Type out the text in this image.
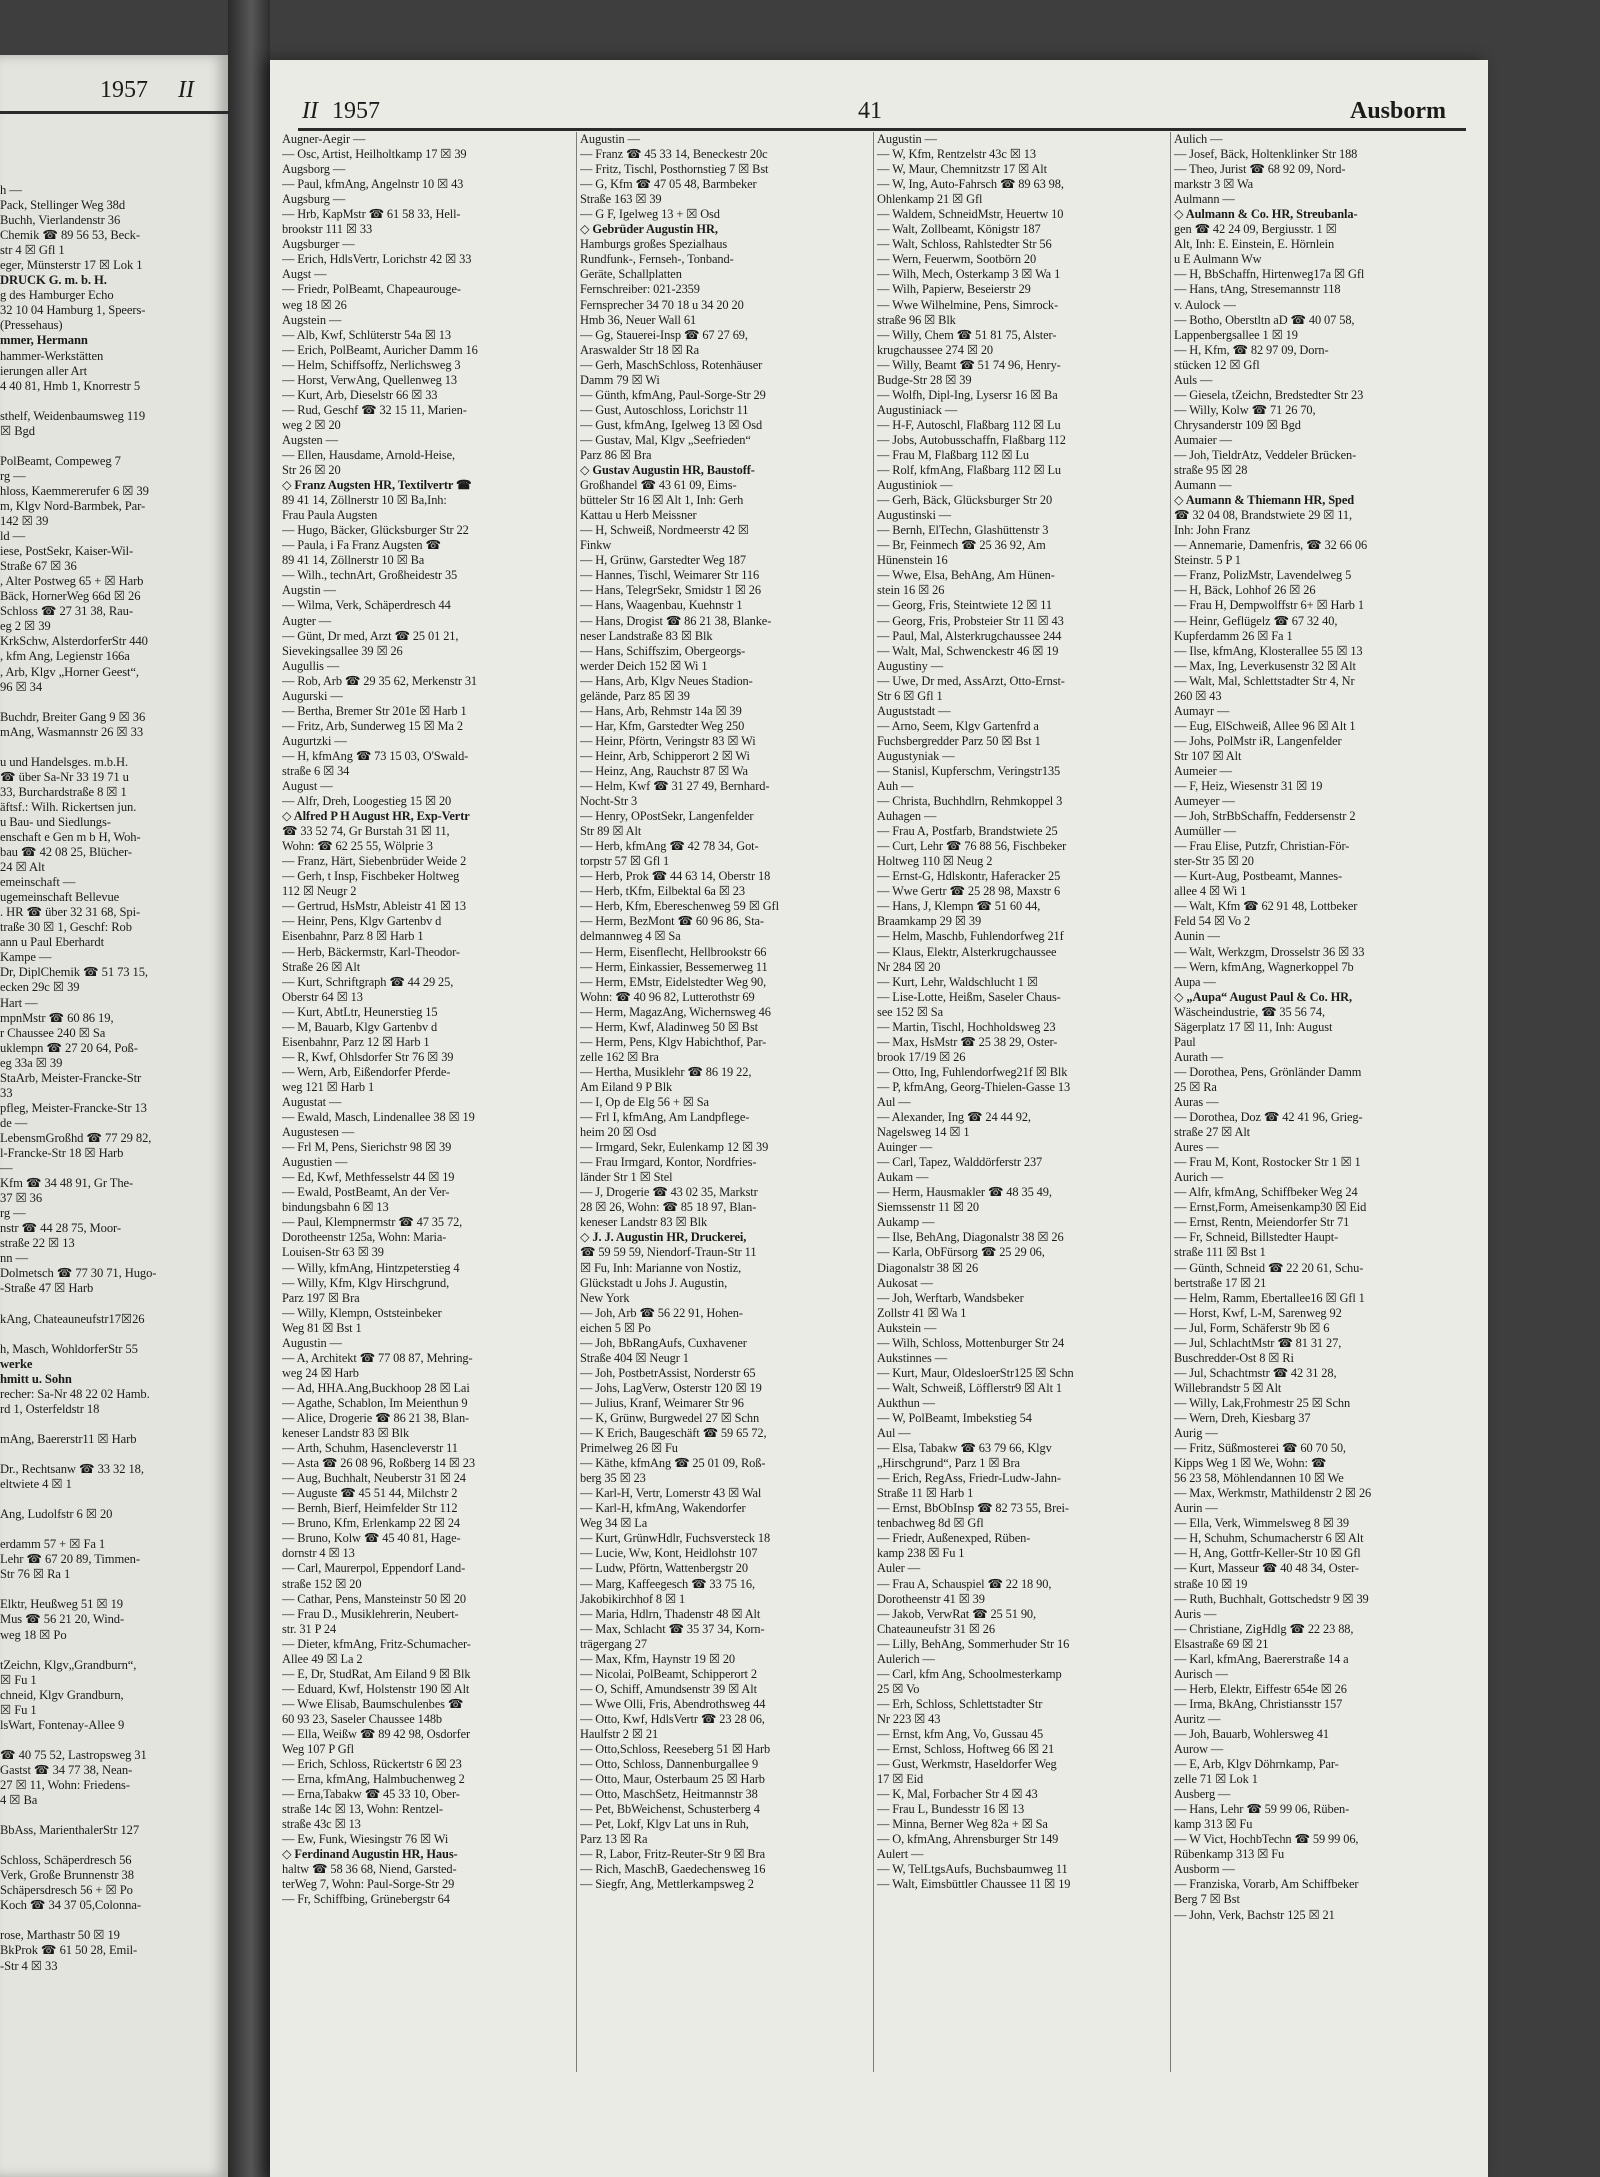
1957 II
h —
Pack, Stellinger Weg 38d
Buchh, Vierlandenstr 36
Chemik ☎ 89 56 53, Beck-
str 4 ☒ Gfl 1
eger, Münsterstr 17 ☒ Lok 1
DRUCK G. m. b. H.
g des Hamburger Echo
32 10 04 Hamburg 1, Speers-
(Pressehaus)
mmer, Hermann
hammer-Werkstätten
ierungen aller Art
4 40 81, Hmb 1, Knorrestr 5

sthelf, Weidenbaumsweg 119
☒ Bgd

PolBeamt, Compeweg 7
rg —
hloss, Kaemmererufer 6 ☒ 39
m, Klgv Nord-Barmbek, Par-
142 ☒ 39
ld —
iese, PostSekr, Kaiser-Wil-
Straße 67 ☒ 36
, Alter Postweg 65 + ☒ Harb
Bäck, HornerWeg 66d ☒ 26
Schloss ☎ 27 31 38, Rau-
eg 2 ☒ 39
KrkSchw, AlsterdorferStr 440
, kfm Ang, Legienstr 166a
, Arb, Klgv „Horner Geest“,
96 ☒ 34

Buchdr, Breiter Gang 9 ☒ 36
mAng, Wasmannstr 26 ☒ 33

u und Handelsges. m.b.H.
☎ über Sa-Nr 33 19 71 u
33, Burchardstraße 8 ☒ 1
äftsf.: Wilh. Rickertsen jun.
u Bau- und Siedlungs-
enschaft e Gen m b H, Woh-
bau ☎ 42 08 25, Blücher-
24 ☒ Alt
emeinschaft —
ugemeinschaft Bellevue
. HR ☎ über 32 31 68, Spi-
traße 30 ☒ 1, Geschf: Rob
ann u Paul Eberhardt
Kampe —
Dr, DiplChemik ☎ 51 73 15,
ecken 29c ☒ 39
Hart —
mpnMstr ☎ 60 86 19,
r Chaussee 240 ☒ Sa
uklempn ☎ 27 20 64, Poß-
eg 33a ☒ 39
StaArb, Meister-Francke-Str
33
pfleg, Meister-Francke-Str 13
de —
LebensmGroßhd ☎ 77 29 82,
l-Francke-Str 18 ☒ Harb
—
Kfm ☎ 34 48 91, Gr The-
37 ☒ 36
rg —
nstr ☎ 44 28 75, Moor-
straße 22 ☒ 13
nn —
Dolmetsch ☎ 77 30 71, Hugo-
-Straße 47 ☒ Harb

kAng, Chateauneufstr17☒26

h, Masch, WohldorferStr 55
werke
hmitt u. Sohn
recher: Sa-Nr 48 22 02 Hamb.
rd 1, Osterfeldstr 18

mAng, Baererstr11 ☒ Harb

Dr., Rechtsanw ☎ 33 32 18,
eltwiete 4 ☒ 1

Ang, Ludolfstr 6 ☒ 20

erdamm 57 + ☒ Fa 1
Lehr ☎ 67 20 89, Timmen-
Str 76 ☒ Ra 1

Elktr, Heußweg 51 ☒ 19
Mus ☎ 56 21 20, Wind-
weg 18 ☒ Po

tZeichn, Klgv„Grandburn“,
☒ Fu 1
chneid, Klgv Grandburn,
☒ Fu 1
lsWart, Fontenay-Allee 9

☎ 40 75 52, Lastropsweg 31
Gastst ☎ 34 77 38, Nean-
27 ☒ 11, Wohn: Friedens-
4 ☒ Ba

BbAss, MarienthalerStr 127

Schloss, Schäperdresch 56
Verk, Große Brunnenstr 38
Schäpersdresch 56 + ☒ Po
Koch ☎ 34 37 05,Colonna-

rose, Marthastr 50 ☒ 19
BkProk ☎ 61 50 28, Emil-
-Str 4 ☒ 33
II 1957	41	Ausborm
Augner-Aegir —
— Osc, Artist, Heilholtkamp 17 ☒ 39
Augsborg —
— Paul, kfmAng, Angelnstr 10 ☒ 43
Augsburg —
— Hrb, KapMstr ☎ 61 58 33, Hell-
brookstr 111 ☒ 33
Augsburger —
— Erich, HdlsVertr, Lorichstr 42 ☒ 33
Augst —
— Friedr, PolBeamt, Chapeaurouge-
weg 18 ☒ 26
Augstein —
— Alb, Kwf, Schlüterstr 54a ☒ 13
— Erich, PolBeamt, Auricher Damm 16
— Helm, Schiffsoffz, Nerlichsweg 3
— Horst, VerwAng, Quellenweg 13
— Kurt, Arb, Dieselstr 66 ☒ 33
— Rud, Geschf ☎ 32 15 11, Marien-
weg 2 ☒ 20
Augsten —
— Ellen, Hausdame, Arnold-Heise,
Str 26 ☒ 20
◇ Franz Augsten HR, Textilvertr ☎
89 41 14, Zöllnerstr 10 ☒ Ba,Inh:
Frau Paula Augsten
— Hugo, Bäcker, Glücksburger Str 22
— Paula, i Fa Franz Augsten ☎
89 41 14, Zöllnerstr 10 ☒ Ba
— Wilh., technArt, Großheidestr 35
Augstin —
— Wilma, Verk, Schäperdresch 44
Augter —
— Günt, Dr med, Arzt ☎ 25 01 21,
Sievekingsallee 39 ☒ 26
Augullis —
— Rob, Arb ☎ 29 35 62, Merkenstr 31
Augurski —
— Bertha, Bremer Str 201e ☒ Harb 1
— Fritz, Arb, Sunderweg 15 ☒ Ma 2
Augurtzki —
— H, kfmAng ☎ 73 15 03, O'Swald-
straße 6 ☒ 34
August —
— Alfr, Dreh, Loogestieg 15 ☒ 20
◇ Alfred P H August HR, Exp-Vertr
☎ 33 52 74, Gr Burstah 31 ☒ 11,
Wohn: ☎ 62 25 55, Wölprie 3
— Franz, Härt, Siebenbrüder Weide 2
— Gerh, t Insp, Fischbeker Holtweg
112 ☒ Neugr 2
— Gertrud, HsMstr, Ableistr 41 ☒ 13
— Heinr, Pens, Klgv Gartenbv d
Eisenbahnr, Parz 8 ☒ Harb 1
— Herb, Bäckermstr, Karl-Theodor-
Straße 26 ☒ Alt
— Kurt, Schriftgraph ☎ 44 29 25,
Oberstr 64 ☒ 13
— Kurt, AbtLtr, Heunerstieg 15
— M, Bauarb, Klgv Gartenbv d
Eisenbahnr, Parz 12 ☒ Harb 1
— R, Kwf, Ohlsdorfer Str 76 ☒ 39
— Wern, Arb, Eißendorfer Pferde-
weg 121 ☒ Harb 1
Augustat —
— Ewald, Masch, Lindenallee 38 ☒ 19
Augustesen —
— Frl M, Pens, Sierichstr 98 ☒ 39
Augustien —
— Ed, Kwf, Methfesselstr 44 ☒ 19
— Ewald, PostBeamt, An der Ver-
bindungsbahn 6 ☒ 13
— Paul, Klempnermstr ☎ 47 35 72,
Dorotheenstr 125a, Wohn: Maria-
Louisen-Str 63 ☒ 39
— Willy, kfmAng, Hintzpeterstieg 4
— Willy, Kfm, Klgv Hirschgrund,
Parz 197 ☒ Bra
— Willy, Klempn, Oststeinbeker
Weg 81 ☒ Bst 1
Augustin —
— A, Architekt ☎ 77 08 87, Mehring-
weg 24 ☒ Harb
— Ad, HHA.Ang,Buckhoop 28 ☒ Lai
— Agathe, Schablon, Im Meienthun 9
— Alice, Drogerie ☎ 86 21 38, Blan-
keneser Landstr 83 ☒ Blk
— Arth, Schuhm, Hasencleverstr 11
— Asta ☎ 26 08 96, Roßberg 14 ☒ 23
— Aug, Buchhalt, Neuberstr 31 ☒ 24
— Auguste ☎ 45 51 44, Milchstr 2
— Bernh, Bierf, Heimfelder Str 112
— Bruno, Kfm, Erlenkamp 22 ☒ 24
— Bruno, Kolw ☎ 45 40 81, Hage-
dornstr 4 ☒ 13
— Carl, Maurerpol, Eppendorf Land-
straße 152 ☒ 20
— Cathar, Pens, Mansteinstr 50 ☒ 20
— Frau D., Musiklehrerin, Neubert-
str. 31 P 24
— Dieter, kfmAng, Fritz-Schumacher-
Allee 49 ☒ La 2
— E, Dr, StudRat, Am Eiland 9 ☒ Blk
— Eduard, Kwf, Holstenstr 190 ☒ Alt
— Wwe Elisab, Baumschulenbes ☎
60 93 23, Saseler Chaussee 148b
— Ella, Weißw ☎ 89 42 98, Osdorfer
Weg 107 P Gfl
— Erich, Schloss, Rückertstr 6 ☒ 23
— Erna, kfmAng, Halmbuchenweg 2
— Erna,Tabakw ☎ 45 33 10, Ober-
straße 14c ☒ 13, Wohn: Rentzel-
straße 43c ☒ 13
— Ew, Funk, Wiesingstr 76 ☒ Wi
◇ Ferdinand Augustin HR, Haus-
haltw ☎ 58 36 68, Niend, Garsted-
terWeg 7, Wohn: Paul-Sorge-Str 29
— Fr, Schiffbing, Grünebergstr 64
Augustin —
— Franz ☎ 45 33 14, Beneckestr 20c
— Fritz, Tischl, Posthornstieg 7 ☒ Bst
— G, Kfm ☎ 47 05 48, Barmbeker
Straße 163 ☒ 39
— G F, Igelweg 13 + ☒ Osd
◇ Gebrüder Augustin HR,
Hamburgs großes Spezialhaus
Rundfunk-, Fernseh-, Tonband-
Geräte, Schallplatten
Fernschreiber: 021-2359
Fernsprecher 34 70 18 u 34 20 20
Hmb 36, Neuer Wall 61
— Gg, Stauerei-Insp ☎ 67 27 69,
Araswalder Str 18 ☒ Ra
— Gerh, MaschSchloss, Rotenhäuser
Damm 79 ☒ Wi
— Günth, kfmAng, Paul-Sorge-Str 29
— Gust, Autoschloss, Lorichstr 11
— Gust, kfmAng, Igelweg 13 ☒ Osd
— Gustav, Mal, Klgv „Seefrieden“
Parz 86 ☒ Bra
◇ Gustav Augustin HR, Baustoff-
Großhandel ☎ 43 61 09, Eims-
bütteler Str 16 ☒ Alt 1, Inh: Gerh
Kattau u Herb Meissner
— H, Schweiß, Nordmeerstr 42 ☒
Finkw
— H, Grünw, Garstedter Weg 187
— Hannes, Tischl, Weimarer Str 116
— Hans, TelegrSekr, Smidstr 1 ☒ 26
— Hans, Waagenbau, Kuehnstr 1
— Hans, Drogist ☎ 86 21 38, Blanke-
neser Landstraße 83 ☒ Blk
— Hans, Schiffszim, Obergeorgs-
werder Deich 152 ☒ Wi 1
— Hans, Arb, Klgv Neues Stadion-
gelände, Parz 85 ☒ 39
— Hans, Arb, Rehmstr 14a ☒ 39
— Har, Kfm, Garstedter Weg 250
— Heinr, Pförtn, Veringstr 83 ☒ Wi
— Heinr, Arb, Schipperort 2 ☒ Wi
— Heinz, Ang, Rauchstr 87 ☒ Wa
— Helm, Kwf ☎ 31 27 49, Bernhard-
Nocht-Str 3
— Henry, OPostSekr, Langenfelder
Str 89 ☒ Alt
— Herb, kfmAng ☎ 42 78 34, Got-
torpstr 57 ☒ Gfl 1
— Herb, Prok ☎ 44 63 14, Oberstr 18
— Herb, tKfm, Eilbektal 6a ☒ 23
— Herb, Kfm, Ebereschenweg 59 ☒ Gfl
— Herm, BezMont ☎ 60 96 86, Sta-
delmannweg 4 ☒ Sa
— Herm, Eisenflecht, Hellbrookstr 66
— Herm, Einkassier, Bessemerweg 11
— Herm, EMstr, Eidelstedter Weg 90,
Wohn: ☎ 40 96 82, Lutterothstr 69
— Herm, MagazAng, Wichernsweg 46
— Herm, Kwf, Aladinweg 50 ☒ Bst
— Herm, Pens, Klgv Habichthof, Par-
zelle 162 ☒ Bra
— Hertha, Musiklehr ☎ 86 19 22,
Am Eiland 9 P Blk
— I, Op de Elg 56 + ☒ Sa
— Frl I, kfmAng, Am Landpflege-
heim 20 ☒ Osd
— Irmgard, Sekr, Eulenkamp 12 ☒ 39
— Frau Irmgard, Kontor, Nordfries-
länder Str 1 ☒ Stel
— J, Drogerie ☎ 43 02 35, Markstr
28 ☒ 26, Wohn: ☎ 85 18 97, Blan-
keneser Landstr 83 ☒ Blk
◇ J. J. Augustin HR, Druckerei,
☎ 59 59 59, Niendorf-Traun-Str 11
☒ Fu, Inh: Marianne von Nostiz,
Glückstadt u Johs J. Augustin,
New York
— Joh, Arb ☎ 56 22 91, Hohen-
eichen 5 ☒ Po
— Joh, BbRangAufs, Cuxhavener
Straße 404 ☒ Neugr 1
— Joh, PostbetrAssist, Norderstr 65
— Johs, LagVerw, Osterstr 120 ☒ 19
— Julius, Kranf, Weimarer Str 96
— K, Grünw, Burgwedel 27 ☒ Schn
— K Erich, Baugeschäft ☎ 59 65 72,
Primelweg 26 ☒ Fu
— Käthe, kfmAng ☎ 25 01 09, Roß-
berg 35 ☒ 23
— Karl-H, Vertr, Lomerstr 43 ☒ Wal
— Karl-H, kfmAng, Wakendorfer
Weg 34 ☒ La
— Kurt, GrünwHdlr, Fuchsversteck 18
— Lucie, Ww, Kont, Heidlohstr 107
— Ludw, Pförtn, Wattenbergstr 20
— Marg, Kaffeegesch ☎ 33 75 16,
Jakobikirchhof 8 ☒ 1
— Maria, Hdlrn, Thadenstr 48 ☒ Alt
— Max, Schlacht ☎ 35 37 34, Korn-
trägergang 27
— Max, Kfm, Haynstr 19 ☒ 20
— Nicolai, PolBeamt, Schipperort 2
— O, Schiff, Amundsenstr 39 ☒ Alt
— Wwe Olli, Fris, Abendrothsweg 44
— Otto, Kwf, HdlsVertr ☎ 23 28 06,
Haulfstr 2 ☒ 21
— Otto,Schloss, Reeseberg 51 ☒ Harb
— Otto, Schloss, Dannenburgallee 9
— Otto, Maur, Osterbaum 25 ☒ Harb
— Otto, MaschSetz, Heitmannstr 38
— Pet, BbWeichenst, Schusterberg 4
— Pet, Lokf, Klgv Lat uns in Ruh,
Parz 13 ☒ Ra
— R, Labor, Fritz-Reuter-Str 9 ☒ Bra
— Rich, MaschB, Gaedechensweg 16
— Siegfr, Ang, Mettlerkampsweg 2
Augustin —
— W, Kfm, Rentzelstr 43c ☒ 13
— W, Maur, Chemnitzstr 17 ☒ Alt
— W, Ing, Auto-Fahrsch ☎ 89 63 98,
Ohlenkamp 21 ☒ Gfl
— Waldem, SchneidMstr, Heuertw 10
— Walt, Zollbeamt, Königstr 187
— Walt, Schloss, Rahlstedter Str 56
— Wern, Feuerwm, Sootbörn 20
— Wilh, Mech, Osterkamp 3 ☒ Wa 1
— Wilh, Papierw, Beseierstr 29
— Wwe Wilhelmine, Pens, Simrock-
straße 96 ☒ Blk
— Willy, Chem ☎ 51 81 75, Alster-
krugchaussee 274 ☒ 20
— Willy, Beamt ☎ 51 74 96, Henry-
Budge-Str 28 ☒ 39
— Wolfh, Dipl-Ing, Lysersr 16 ☒ Ba
Augustiniack —
— H-F, Autoschl, Flaßbarg 112 ☒ Lu
— Jobs, Autobusschaffn, Flaßbarg 112
— Frau M, Flaßbarg 112 ☒ Lu
— Rolf, kfmAng, Flaßbarg 112 ☒ Lu
Augustiniok —
— Gerh, Bäck, Glücksburger Str 20
Augustinski —
— Bernh, ElTechn, Glashüttenstr 3
— Br, Feinmech ☎ 25 36 92, Am
Hünenstein 16
— Wwe, Elsa, BehAng, Am Hünen-
stein 16 ☒ 26
— Georg, Fris, Steintwiete 12 ☒ 11
— Georg, Fris, Probsteier Str 11 ☒ 43
— Paul, Mal, Alsterkrugchaussee 244
— Walt, Mal, Schwenckestr 46 ☒ 19
Augustiny —
— Uwe, Dr med, AssArzt, Otto-Ernst-
Str 6 ☒ Gfl 1
Auguststadt —
— Arno, Seem, Klgv Gartenfrd a
Fuchsbergredder Parz 50 ☒ Bst 1
Augustyniak —
— Stanisl, Kupferschm, Veringstr135
Auh —
— Christa, Buchhdlrn, Rehmkoppel 3
Auhagen —
— Frau A, Postfarb, Brandstwiete 25
— Curt, Lehr ☎ 76 88 56, Fischbeker
Holtweg 110 ☒ Neug 2
— Ernst-G, Hdlskontr, Haferacker 25
— Wwe Gertr ☎ 25 28 98, Maxstr 6
— Hans, J, Klempn ☎ 51 60 44,
Braamkamp 29 ☒ 39
— Helm, Maschb, Fuhlendorfweg 21f
— Klaus, Elektr, Alsterkrugchaussee
Nr 284 ☒ 20
— Kurt, Lehr, Waldschlucht 1 ☒
— Lise-Lotte, Heißm, Saseler Chaus-
see 152 ☒ Sa
— Martin, Tischl, Hochholdsweg 23
— Max, HsMstr ☎ 25 38 29, Oster-
brook 17/19 ☒ 26
— Otto, Ing, Fuhlendorfweg21f ☒ Blk
— P, kfmAng, Georg-Thielen-Gasse 13
Aul —
— Alexander, Ing ☎ 24 44 92,
Nagelsweg 14 ☒ 1
Auinger —
— Carl, Tapez, Walddörferstr 237
Aukam —
— Herm, Hausmakler ☎ 48 35 49,
Siemssenstr 11 ☒ 20
Aukamp —
— Ilse, BehAng, Diagonalstr 38 ☒ 26
— Karla, ObFürsorg ☎ 25 29 06,
Diagonalstr 38 ☒ 26
Aukosat —
— Joh, Werftarb, Wandsbeker
Zollstr 41 ☒ Wa 1
Aukstein —
— Wilh, Schloss, Mottenburger Str 24
Aukstinnes —
— Kurt, Maur, OldesloerStr125 ☒ Schn
— Walt, Schweiß, Löfflerstr9 ☒ Alt 1
Aukthun —
— W, PolBeamt, Imbekstieg 54
Aul —
— Elsa, Tabakw ☎ 63 79 66, Klgv
„Hirschgrund“, Parz 1 ☒ Bra
— Erich, RegAss, Friedr-Ludw-Jahn-
Straße 11 ☒ Harb 1
— Ernst, BbObInsp ☎ 82 73 55, Brei-
tenbachweg 8d ☒ Gfl
— Friedr, Außenexped, Rüben-
kamp 238 ☒ Fu 1
Auler —
— Frau A, Schauspiel ☎ 22 18 90,
Dorotheenstr 41 ☒ 39
— Jakob, VerwRat ☎ 25 51 90,
Chateauneufstr 31 ☒ 26
— Lilly, BehAng, Sommerhuder Str 16
Aulerich —
— Carl, kfm Ang, Schoolmesterkamp
25 ☒ Vo
— Erh, Schloss, Schlettstadter Str
Nr 223 ☒ 43
— Ernst, kfm Ang, Vo, Gussau 45
— Ernst, Schloss, Hoftweg 66 ☒ 21
— Gust, Werkmstr, Haseldorfer Weg
17 ☒ Eid
— K, Mal, Forbacher Str 4 ☒ 43
— Frau L, Bundesstr 16 ☒ 13
— Minna, Berner Weg 82a + ☒ Sa
— O, kfmAng, Ahrensburger Str 149
Aulert —
— W, TelLtgsAufs, Buchsbaumweg 11
— Walt, Eimsbüttler Chaussee 11 ☒ 19
Aulich —
— Josef, Bäck, Holtenklinker Str 188
— Theo, Jurist ☎ 68 92 09, Nord-
markstr 3 ☒ Wa
Aulmann —
◇ Aulmann & Co. HR, Streubanla-
gen ☎ 42 24 09, Bergiusstr. 1 ☒
Alt, Inh: E. Einstein, E. Hörnlein
u E Aulmann Ww
— H, BbSchaffn, Hirtenweg17a ☒ Gfl
— Hans, tAng, Stresemannstr 118
v. Aulock —
— Botho, Oberstltn aD ☎ 40 07 58,
Lappenbergsallee 1 ☒ 19
— H, Kfm, ☎ 82 97 09, Dorn-
stücken 12 ☒ Gfl
Auls —
— Giesela, tZeichn, Bredstedter Str 23
— Willy, Kolw ☎ 71 26 70,
Chrysanderstr 109 ☒ Bgd
Aumaier —
— Joh, TieldrAtz, Veddeler Brücken-
straße 95 ☒ 28
Aumann —
◇ Aumann & Thiemann HR, Sped
☎ 32 04 08, Brandstwiete 29 ☒ 11,
Inh: John Franz
— Annemarie, Damenfris, ☎ 32 66 06
Steinstr. 5 P 1
— Franz, PolizMstr, Lavendelweg 5
— H, Bäck, Lohhof 26 ☒ 26
— Frau H, Dempwolffstr 6+ ☒ Harb 1
— Heinr, Geflügelz ☎ 67 32 40,
Kupferdamm 26 ☒ Fa 1
— Ilse, kfmAng, Klosterallee 55 ☒ 13
— Max, Ing, Leverkusenstr 32 ☒ Alt
— Walt, Mal, Schlettstadter Str 4, Nr
260 ☒ 43
Aumayr —
— Eug, ElSchweiß, Allee 96 ☒ Alt 1
— Johs, PolMstr iR, Langenfelder
Str 107 ☒ Alt
Aumeier —
— F, Heiz, Wiesenstr 31 ☒ 19
Aumeyer —
— Joh, StrBbSchaffn, Feddersenstr 2
Aumüller —
— Frau Elise, Putzfr, Christian-För-
ster-Str 35 ☒ 20
— Kurt-Aug, Postbeamt, Mannes-
allee 4 ☒ Wi 1
— Walt, Kfm ☎ 62 91 48, Lottbeker
Feld 54 ☒ Vo 2
Aunin —
— Walt, Werkzgm, Drosselstr 36 ☒ 33
— Wern, kfmAng, Wagnerkoppel 7b
Aupa —
◇ „Aupa“ August Paul & Co. HR,
Wäscheindustrie, ☎ 35 56 74,
Sägerplatz 17 ☒ 11, Inh: August
Paul
Aurath —
— Dorothea, Pens, Grönländer Damm
25 ☒ Ra
Auras —
— Dorothea, Doz ☎ 42 41 96, Grieg-
straße 27 ☒ Alt
Aures —
— Frau M, Kont, Rostocker Str 1 ☒ 1
Aurich —
— Alfr, kfmAng, Schiffbeker Weg 24
— Ernst,Form, Ameisenkamp30 ☒ Eid
— Ernst, Rentn, Meiendorfer Str 71
— Fr, Schneid, Billstedter Haupt-
straße 111 ☒ Bst 1
— Günth, Schneid ☎ 22 20 61, Schu-
bertstraße 17 ☒ 21
— Helm, Ramm, Ebertallee16 ☒ Gfl 1
— Horst, Kwf, L-M, Sarenweg 92
— Jul, Form, Schäferstr 9b ☒ 6
— Jul, SchlachtMstr ☎ 81 31 27,
Buschredder-Ost 8 ☒ Ri
— Jul, Schachtmstr ☎ 42 31 28,
Willebrandstr 5 ☒ Alt
— Willy, Lak,Frohmestr 25 ☒ Schn
— Wern, Dreh, Kiesbarg 37
Aurig —
— Fritz, Süßmosterei ☎ 60 70 50,
Kipps Weg 1 ☒ We, Wohn: ☎
56 23 58, Möhlendannen 10 ☒ We
— Max, Werkmstr, Mathildenstr 2 ☒ 26
Aurin —
— Ella, Verk, Wimmelsweg 8 ☒ 39
— H, Schuhm, Schumacherstr 6 ☒ Alt
— H, Ang, Gottfr-Keller-Str 10 ☒ Gfl
— Kurt, Masseur ☎ 40 48 34, Oster-
straße 10 ☒ 19
— Ruth, Buchhalt, Gottschedstr 9 ☒ 39
Auris —
— Christiane, ZigHdlg ☎ 22 23 88,
Elsastraße 69 ☒ 21
— Karl, kfmAng, Baererstraße 14 a
Aurisch —
— Herb, Elektr, Eiffestr 654e ☒ 26
— Irma, BkAng, Christiansstr 157
Auritz —
— Joh, Bauarb, Wohlersweg 41
Aurow —
— E, Arb, Klgv Döhrnkamp, Par-
zelle 71 ☒ Lok 1
Ausberg —
— Hans, Lehr ☎ 59 99 06, Rüben-
kamp 313 ☒ Fu
— W Vict, HochbTechn ☎ 59 99 06,
Rübenkamp 313 ☒ Fu
Ausborm —
— Franziska, Vorarb, Am Schiffbeker
Berg 7 ☒ Bst
— John, Verk, Bachstr 125 ☒ 21
